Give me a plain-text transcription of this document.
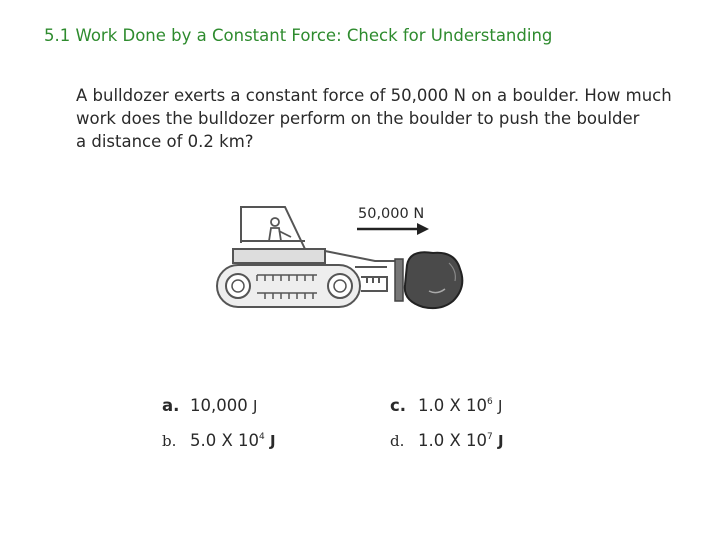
5.1 Work Done by a Constant Force: Check for Understanding
A bulldozer exerts a constant force of 50,000 N on a boulder. How much
work does the bulldozer perform on the boulder to push the boulder
a distance of 0.2 km?
50,000 N
a. 10,000 J
b. 5.0 X $10^4$ J
c. 1.0 X $10^6$ J
d. 1.0 X $10^7$ J
